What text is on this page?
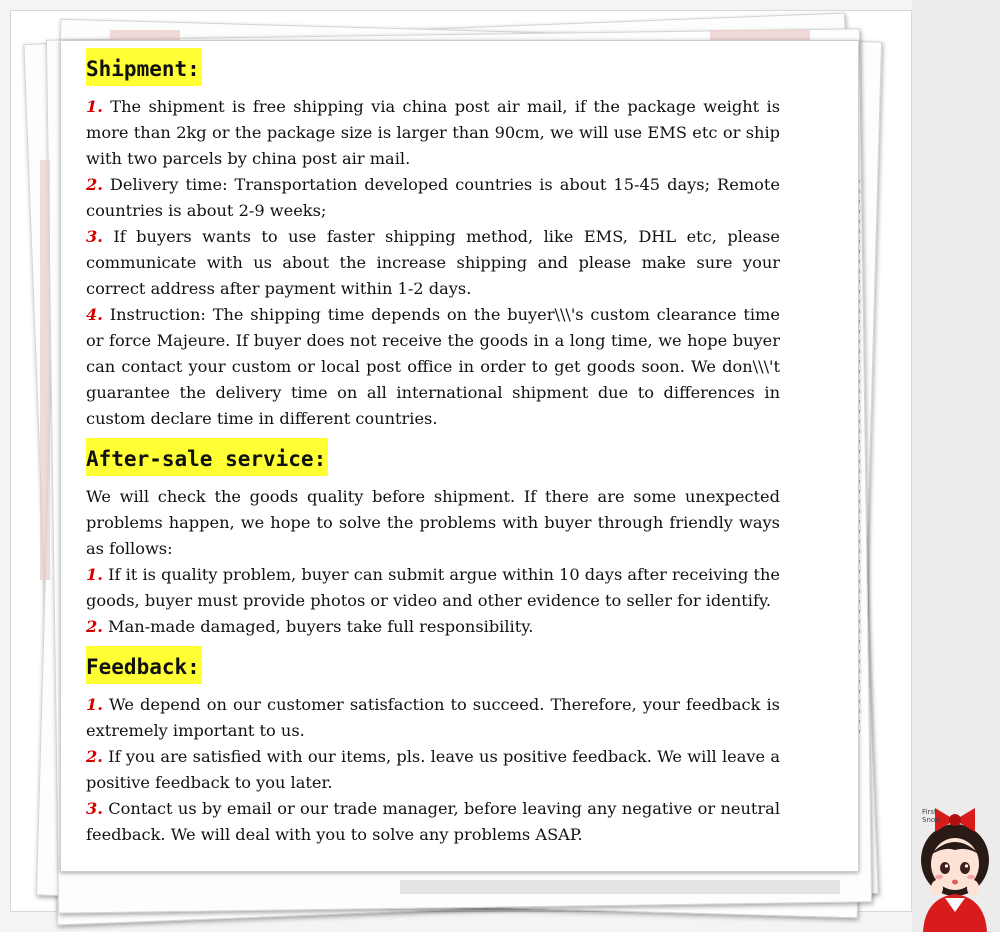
Shipment:

1. The shipment is free shipping via china post air mail, if the package weight is more than 2kg or the package size is larger than 90cm, we will use EMS etc or ship with two parcels by china post air mail.

2. Delivery time: Transportation developed countries is about 15-45 days; Remote countries is about 2-9 weeks;

3. If buyers wants to use faster shipping method, like EMS, DHL etc, please communicate with us about the increase shipping and please make sure your correct address after payment within 1-2 days.

4. Instruction: The shipping time depends on the buyer\\\'s custom clearance time or force Majeure. If buyer does not receive the goods in a long time, we hope buyer can contact your custom or local post office in order to get goods soon. We don\\\'t guarantee the delivery time on all international shipment due to differences in custom declare time in different countries.

After-sale service:

We will check the goods quality before shipment. If there are some unexpected problems happen, we hope to solve the problems with buyer through friendly ways as follows:

1. If it is quality problem, buyer can submit argue within 10 days after receiving the goods, buyer must provide photos or video and other evidence to seller for identify.

2. Man-made damaged, buyers take full responsibility.

Feedback:

1. We depend on our customer satisfaction to succeed. Therefore, your feedback is extremely important to us.

2. If you are satisfied with our items, pls. leave us positive feedback. We will leave a positive feedback to you later.

3. Contact us by email or our trade manager, before leaving any negative or neutral feedback. We will deal with you to solve any problems ASAP.

First
Snow
